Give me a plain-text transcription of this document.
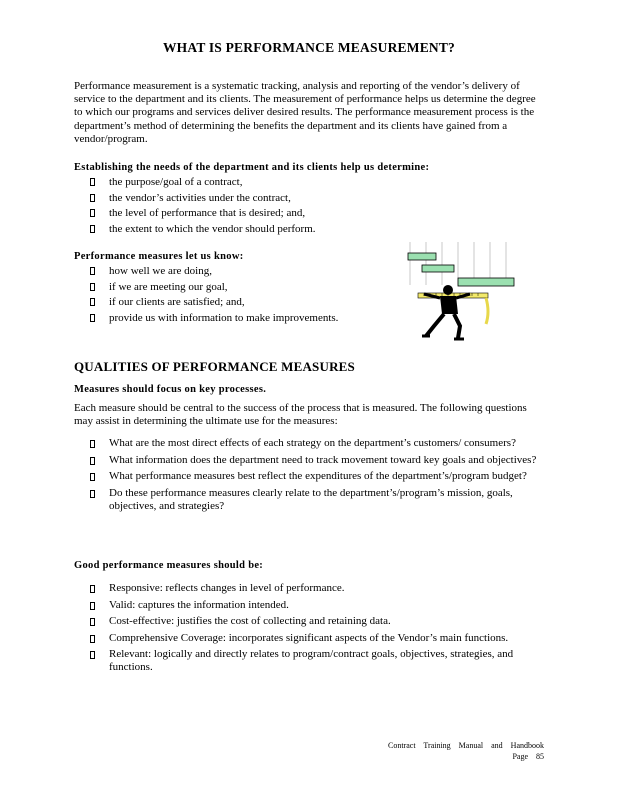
WHAT IS PERFORMANCE MEASUREMENT?

Performance measurement is a systematic tracking, analysis and reporting of the vendor’s delivery of service to the department and its clients. The measurement of performance helps us determine the degree to which our programs and services deliver desired results. The performance measurement process is the department’s method of determining the benefits the department and its clients have gained from a vendor/program.

Establishing the needs of the department and its clients help us determine:

the purpose/goal of a contract,
the vendor’s activities under the contract,
the level of performance that is desired; and,
the extent to which the vendor should perform.

Performance measures let us know:

how well we are doing,
if we are meeting our goal,
if our clients are satisfied; and,
provide us with information to make improvements.
QUALITIES OF PERFORMANCE MEASURES

Measures should focus on key processes.

Each measure should be central to the success of the process that is measured. The following questions may assist in determining the ultimate use for the measures:

What are the most direct effects of each strategy on the department’s customers/ consumers?
What information does the department need to track movement toward key goals and objectives?
What performance measures best reflect the expenditures of the department’s/program budget?
Do these performance measures clearly relate to the department’s/program’s mission, goals, objectives, and strategies?

Good performance measures should be:

Responsive: reflects changes in level of performance.
Valid: captures the information intended.
Cost-effective: justifies the cost of collecting and retaining data.
Comprehensive Coverage: incorporates significant aspects of the Vendor’s main functions.
Relevant: logically and directly relates to program/contract goals, objectives, strategies, and functions.
Contract Training Manual and Handbook
Page 85
